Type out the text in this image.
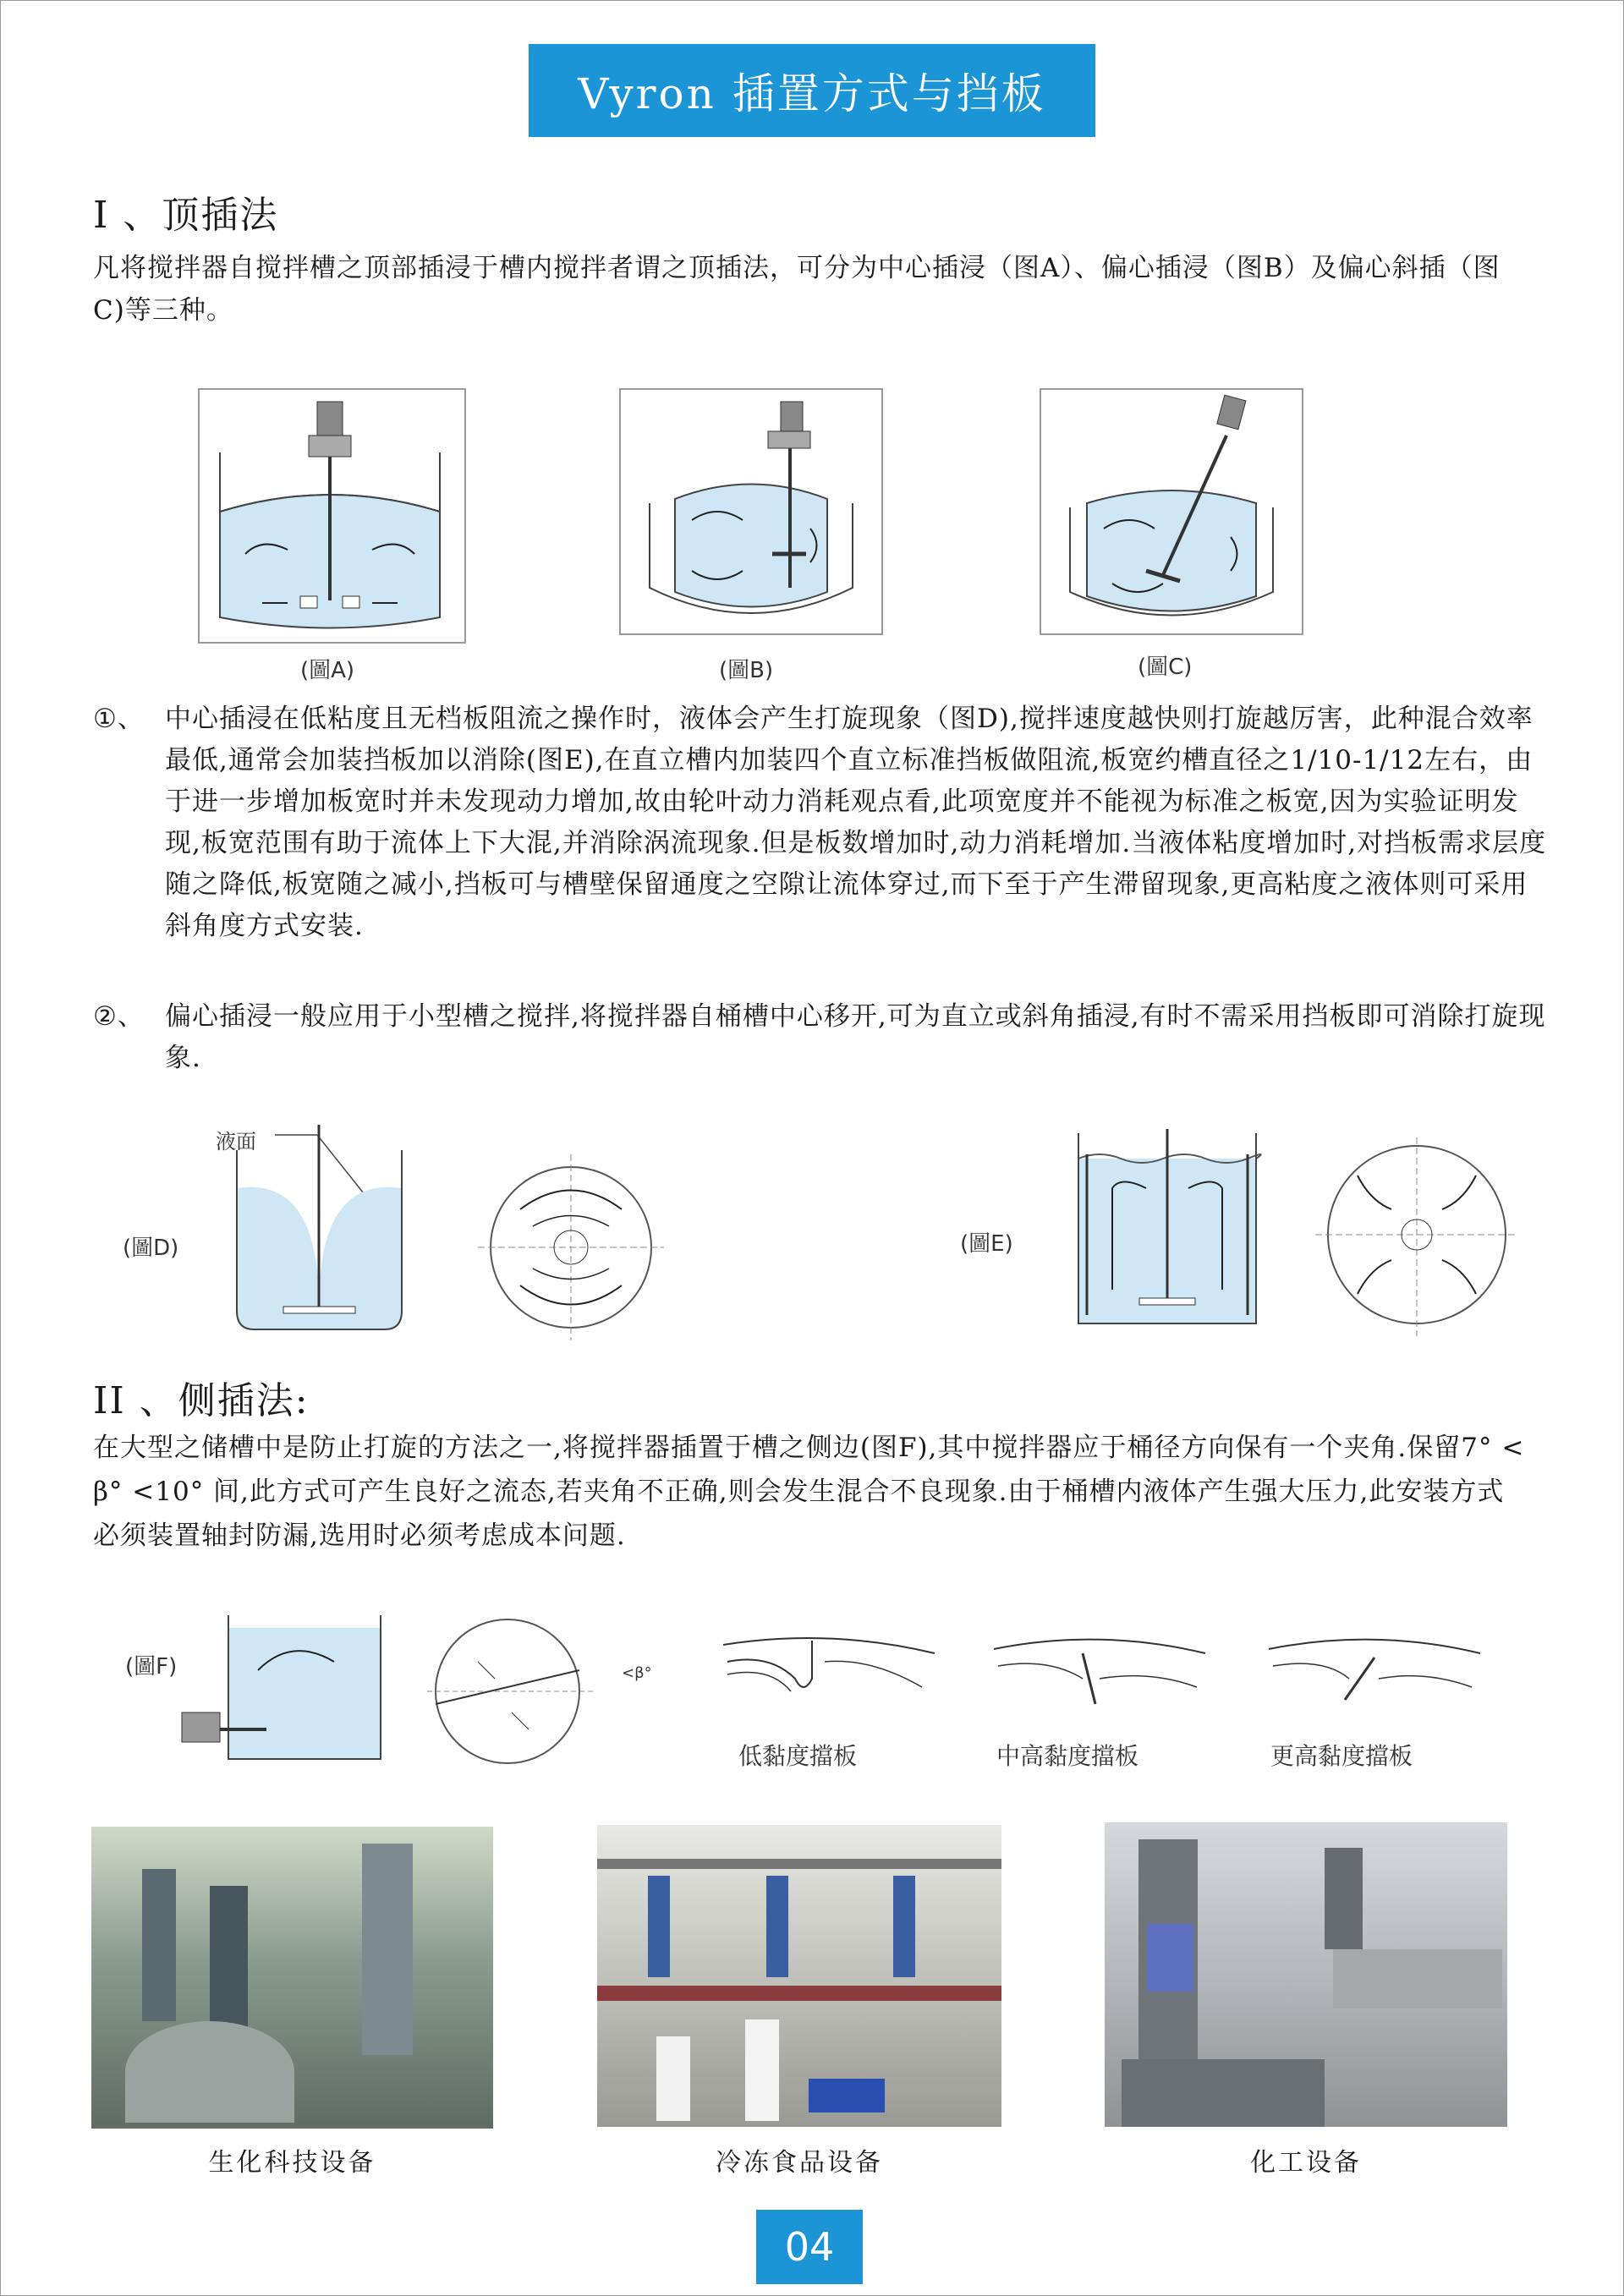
Vyron 插置方式与挡板
I 、顶插法
凡将搅拌器自搅拌槽之顶部插浸于槽内搅拌者谓之顶插法，可分为中心插浸（图A）、偏心插浸（图B）及偏心斜插（图C)等三种。
(圖A)	(圖B)	(圖C)
①、 中心插浸在低粘度且无档板阻流之操作时，液体会产生打旋现象（图D),搅拌速度越快则打旋越厉害，此种混合效率最低,通常会加装挡板加以消除(图E),在直立槽内加装四个直立标准挡板做阻流,板宽约槽直径之1/10-1/12左右，由于进一步增加板宽时并未发现动力增加,故由轮叶动力消耗观点看,此项宽度并不能视为标准之板宽,因为实验证明发现,板宽范围有助于流体上下大混,并消除涡流现象.但是板数增加时,动力消耗增加.当液体粘度增加时,对挡板需求层度随之降低,板宽随之减小,挡板可与槽壁保留通度之空隙让流体穿过,而下至于产生滞留现象,更高粘度之液体则可采用斜角度方式安装.
②、 偏心插浸一般应用于小型槽之搅拌,将搅拌器自桶槽中心移开,可为直立或斜角插浸,有时不需采用挡板即可消除打旋现象.
(圖D)
液面
(圖E)
II 、侧插法:
在大型之储槽中是防止打旋的方法之一,将搅拌器插置于槽之侧边(图F),其中搅拌器应于桶径方向保有一个夹角.保留7° < β° <10° 间,此方式可产生良好之流态,若夹角不正确,则会发生混合不良现象.由于桶槽内液体产生强大压力,此安装方式必须装置轴封防漏,选用时必须考虑成本问题.
(圖F)	<β°
低黏度擋板	中高黏度擋板	更高黏度擋板
生化科技设备	冷冻食品设备	化工设备
04
